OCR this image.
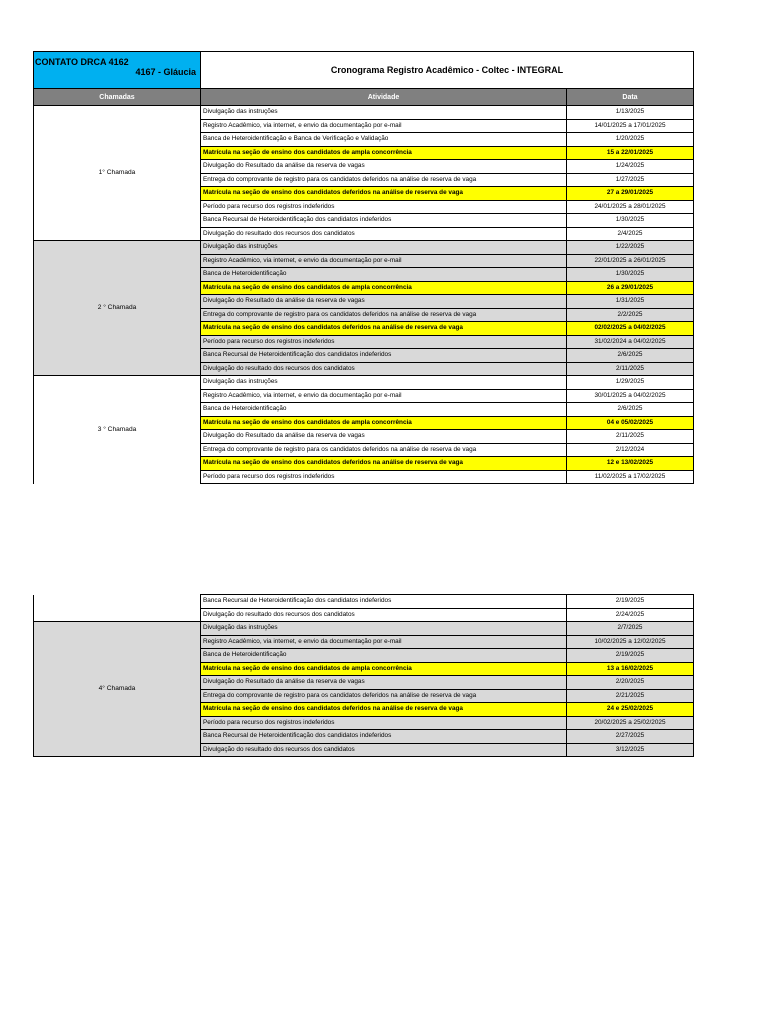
CONTATO DRCA 4162
4167 - Gláucia	Cronograma Registro Acadêmico - Coltec - INTEGRAL	
Chamadas	Atividade	Data
1° Chamada	Divulgação das instruções	1/13/2025
	Registro Acadêmico, via internet, e envio da documentação por e-mail	14/01/2025 a 17/01/2025
	Banca de Heteroidentificação e Banca de Verificação e Validação	1/20/2025
	Matrícula na seção de ensino dos candidatos de ampla concorrência	15 a 22/01/2025
	Divulgação do Resultado da análise da reserva de vagas	1/24/2025
	Entrega do comprovante de registro para os candidatos deferidos na análise de reserva de vaga	1/27/2025
	Matrícula na seção de ensino dos candidatos deferidos na análise de reserva de vaga	27 a 29/01/2025
	Período para recurso dos registros indeferidos	24/01/2025 a 28/01/2025
	Banca Recursal de Heteroidentificação dos candidatos indeferidos	1/30/2025
	Divulgação do resultado dos recursos dos candidatos	2/4/2025
2 ° Chamada	Divulgação das instruções	1/22/2025
	Registro Acadêmico, via internet, e envio da documentação por e-mail	22/01/2025 a 26/01/2025
	Banca de Heteroidentificação	1/30/2025
	Matrícula na seção de ensino dos candidatos de ampla concorrência	26 a 29/01/2025
	Divulgação do Resultado da análise da reserva de vagas	1/31/2025
	Entrega do comprovante de registro para os candidatos deferidos na análise de reserva de vaga	2/2/2025
	Matrícula na seção de ensino dos candidatos deferidos na análise de reserva de vaga	02/02/2025 a 04/02/2025
	Período para recurso dos registros indeferidos	31/02/2024 a 04/02/2025
	Banca Recursal de Heteroidentificação dos candidatos indeferidos	2/6/2025
	Divulgação do resultado dos recursos dos candidatos	2/11/2025
3 ° Chamada	Divulgação das instruções	1/29/2025
	Registro Acadêmico, via internet, e envio da documentação por e-mail	30/01/2025 a 04/02/2025
	Banca de Heteroidentificação	2/6/2025
	Matrícula na seção de ensino dos candidatos de ampla concorrência	04 e 05/02/2025
	Divulgação do Resultado da análise da reserva de vagas	2/11/2025
	Entrega do comprovante de registro para os candidatos deferidos na análise de reserva de vaga	2/12/2024
	Matrícula na seção de ensino dos candidatos deferidos na análise de reserva de vaga	12 e 13/02/2025
	Período para recurso dos registros indeferidos	11/02/2025 a 17/02/2025
	Banca Recursal de Heteroidentificação dos candidatos indeferidos	2/19/2025
	Divulgação do resultado dos recursos dos candidatos	2/24/2025
4° Chamada	Divulgação das instruções	2/7/2025
	Registro Acadêmico, via internet, e envio da documentação por e-mail	10/02/2025 a 12/02/2025
	Banca de Heteroidentificação	2/19/2025
	Matrícula na seção de ensino dos candidatos de ampla concorrência	13 a 16/02/2025
	Divulgação do Resultado da análise da reserva de vagas	2/20/2025
	Entrega do comprovante de registro para os candidatos deferidos na análise de reserva de vaga	2/21/2025
	Matrícula na seção de ensino dos candidatos deferidos na análise de reserva de vaga	24 e 25/02/2025
	Período para recurso dos registros indeferidos	20/02/2025 a 25/02/2025
	Banca Recursal de Heteroidentificação dos candidatos indeferidos	2/27/2025
	Divulgação do resultado dos recursos dos candidatos	3/12/2025
